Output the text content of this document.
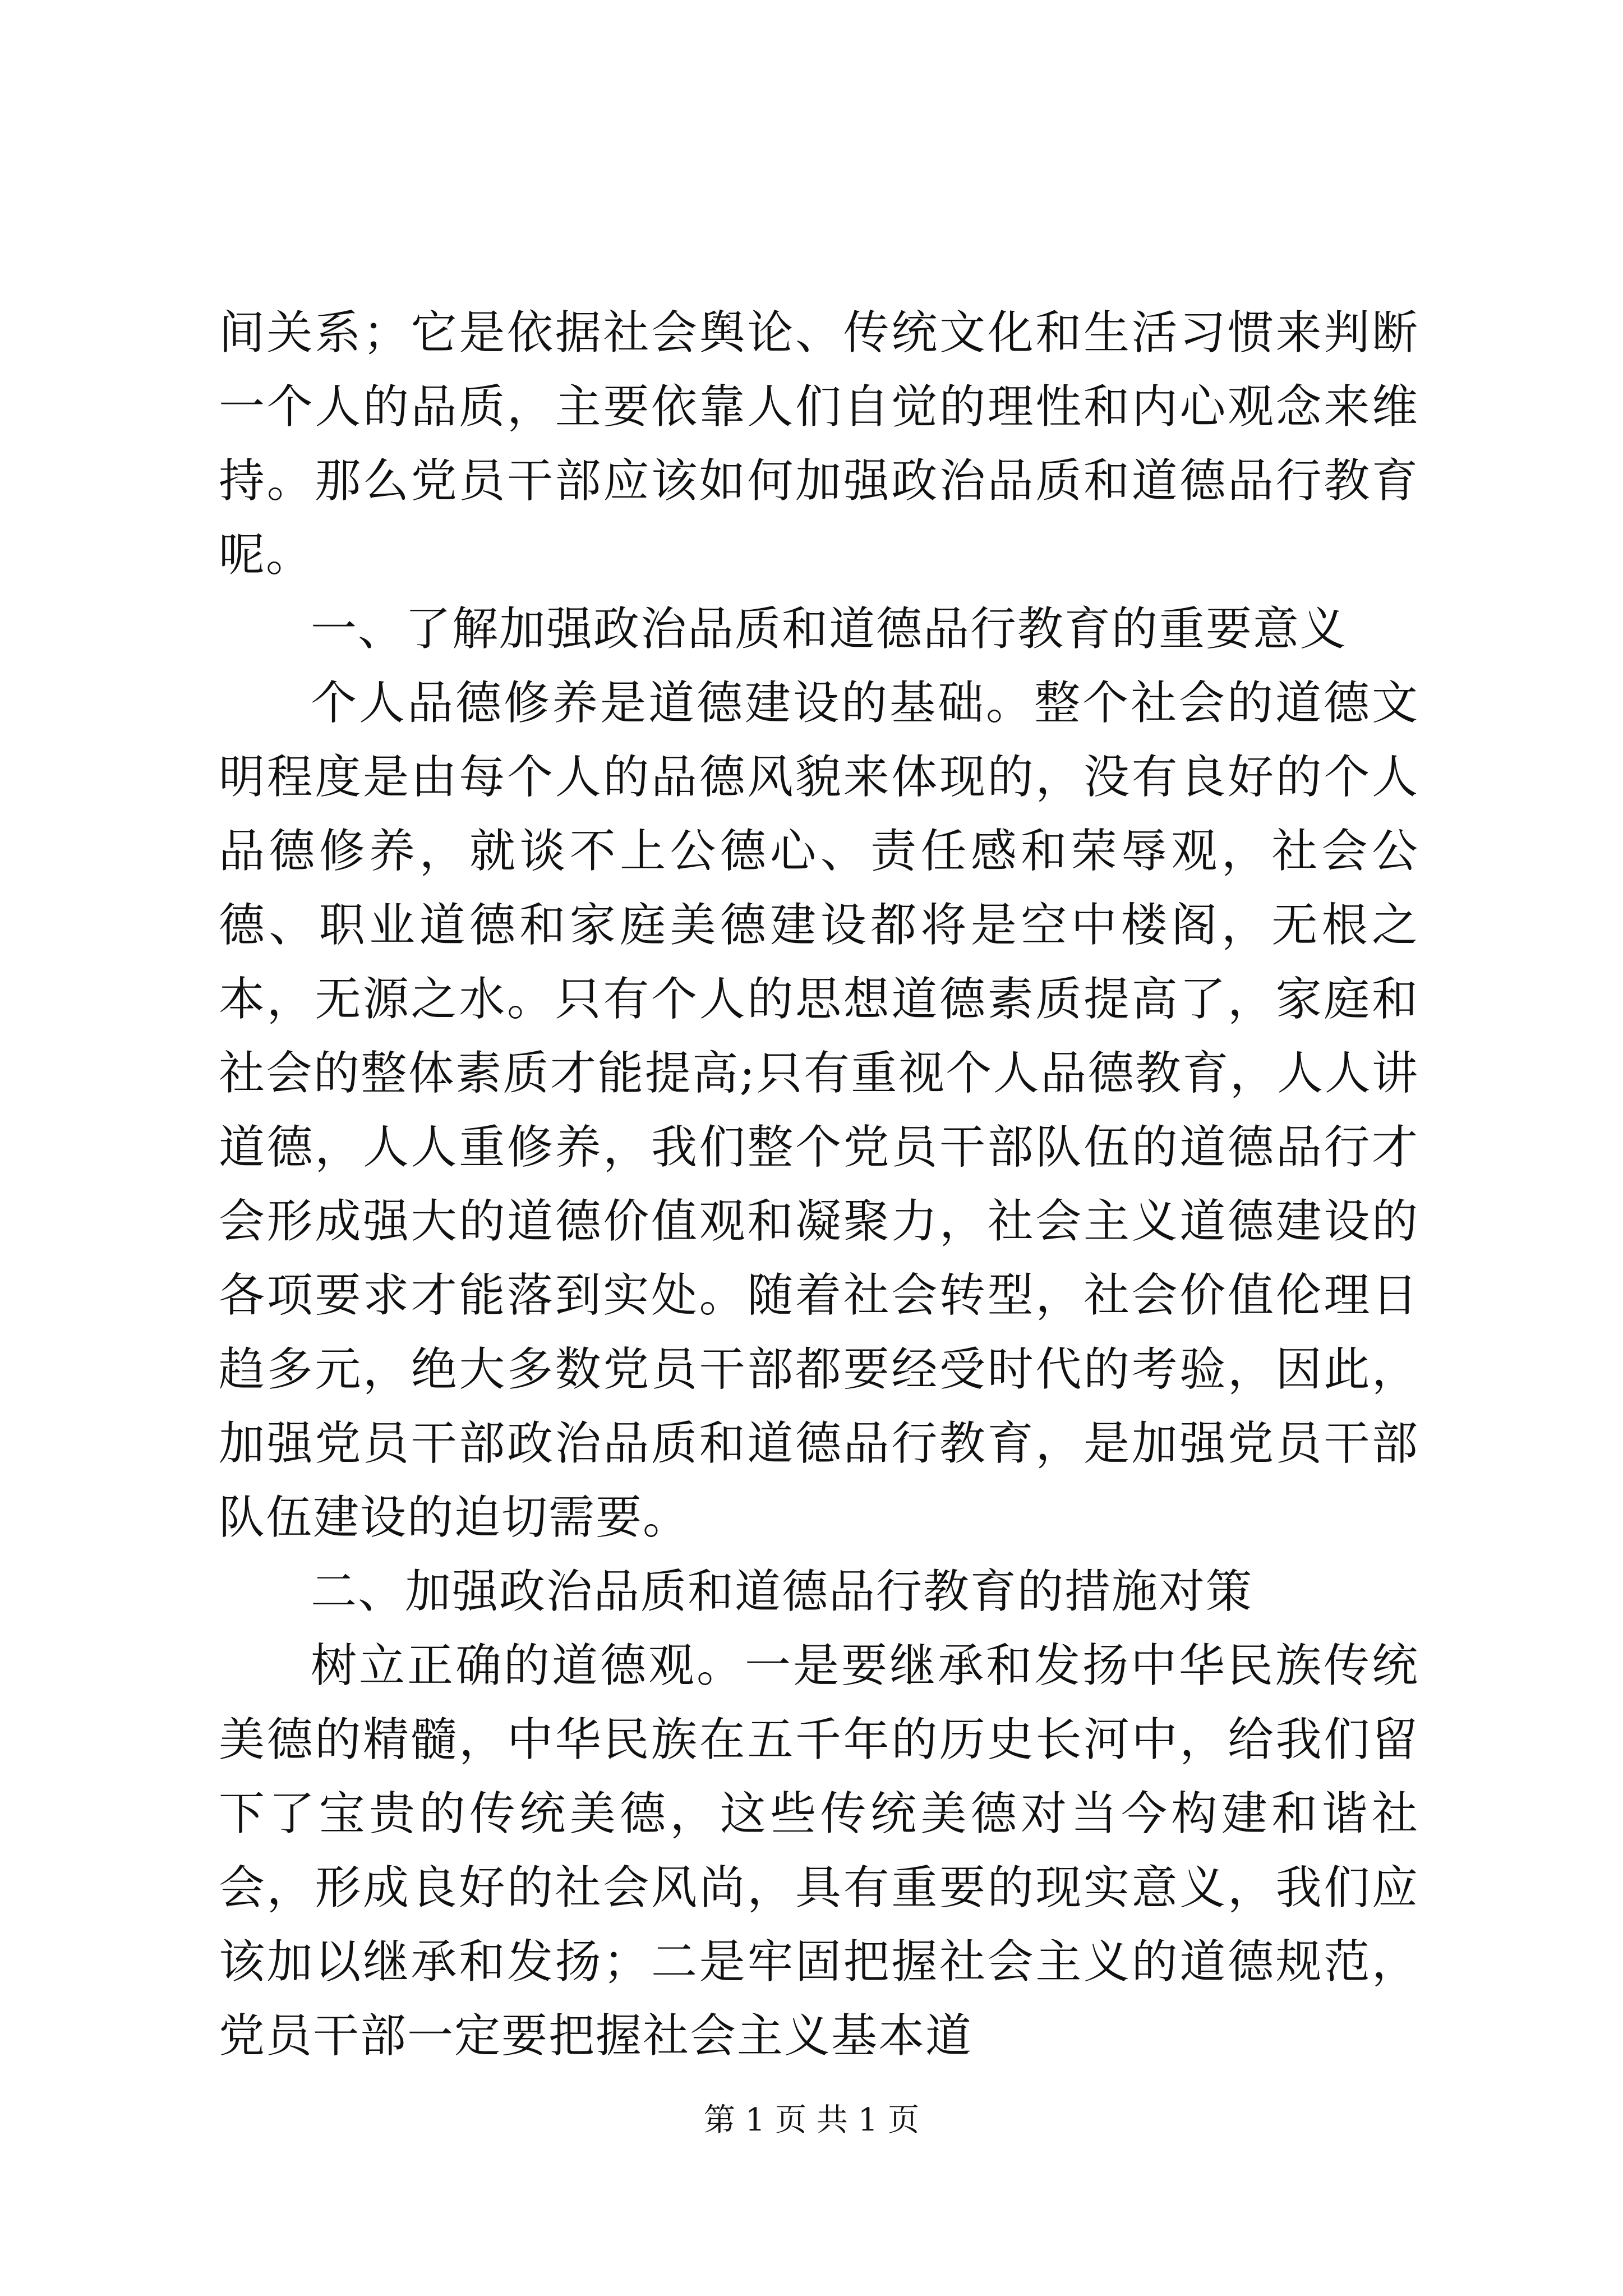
间关系；它是依据社会舆论、传统文化和生活习惯来判断一个人的品质，主要依靠人们自觉的理性和内心观念来维持。那么党员干部应该如何加强政治品质和道德品行教育呢。

一、了解加强政治品质和道德品行教育的重要意义

个人品德修养是道德建设的基础。整个社会的道德文明程度是由每个人的品德风貌来体现的，没有良好的个人品德修养，就谈不上公德心、责任感和荣辱观，社会公德、职业道德和家庭美德建设都将是空中楼阁，无根之本，无源之水。只有个人的思想道德素质提高了，家庭和社会的整体素质才能提高;只有重视个人品德教育，人人讲道德，人人重修养，我们整个党员干部队伍的道德品行才会形成强大的道德价值观和凝聚力，社会主义道德建设的各项要求才能落到实处。随着社会转型，社会价值伦理日趋多元，绝大多数党员干部都要经受时代的考验，因此，加强党员干部政治品质和道德品行教育，是加强党员干部队伍建设的迫切需要。

二、加强政治品质和道德品行教育的措施对策

树立正确的道德观。一是要继承和发扬中华民族传统美德的精髓，中华民族在五千年的历史长河中，给我们留下了宝贵的传统美德，这些传统美德对当今构建和谐社会，形成良好的社会风尚，具有重要的现实意义，我们应该加以继承和发扬；二是牢固把握社会主义的道德规范，党员干部一定要把握社会主义基本道

第 1 页 共 1 页
